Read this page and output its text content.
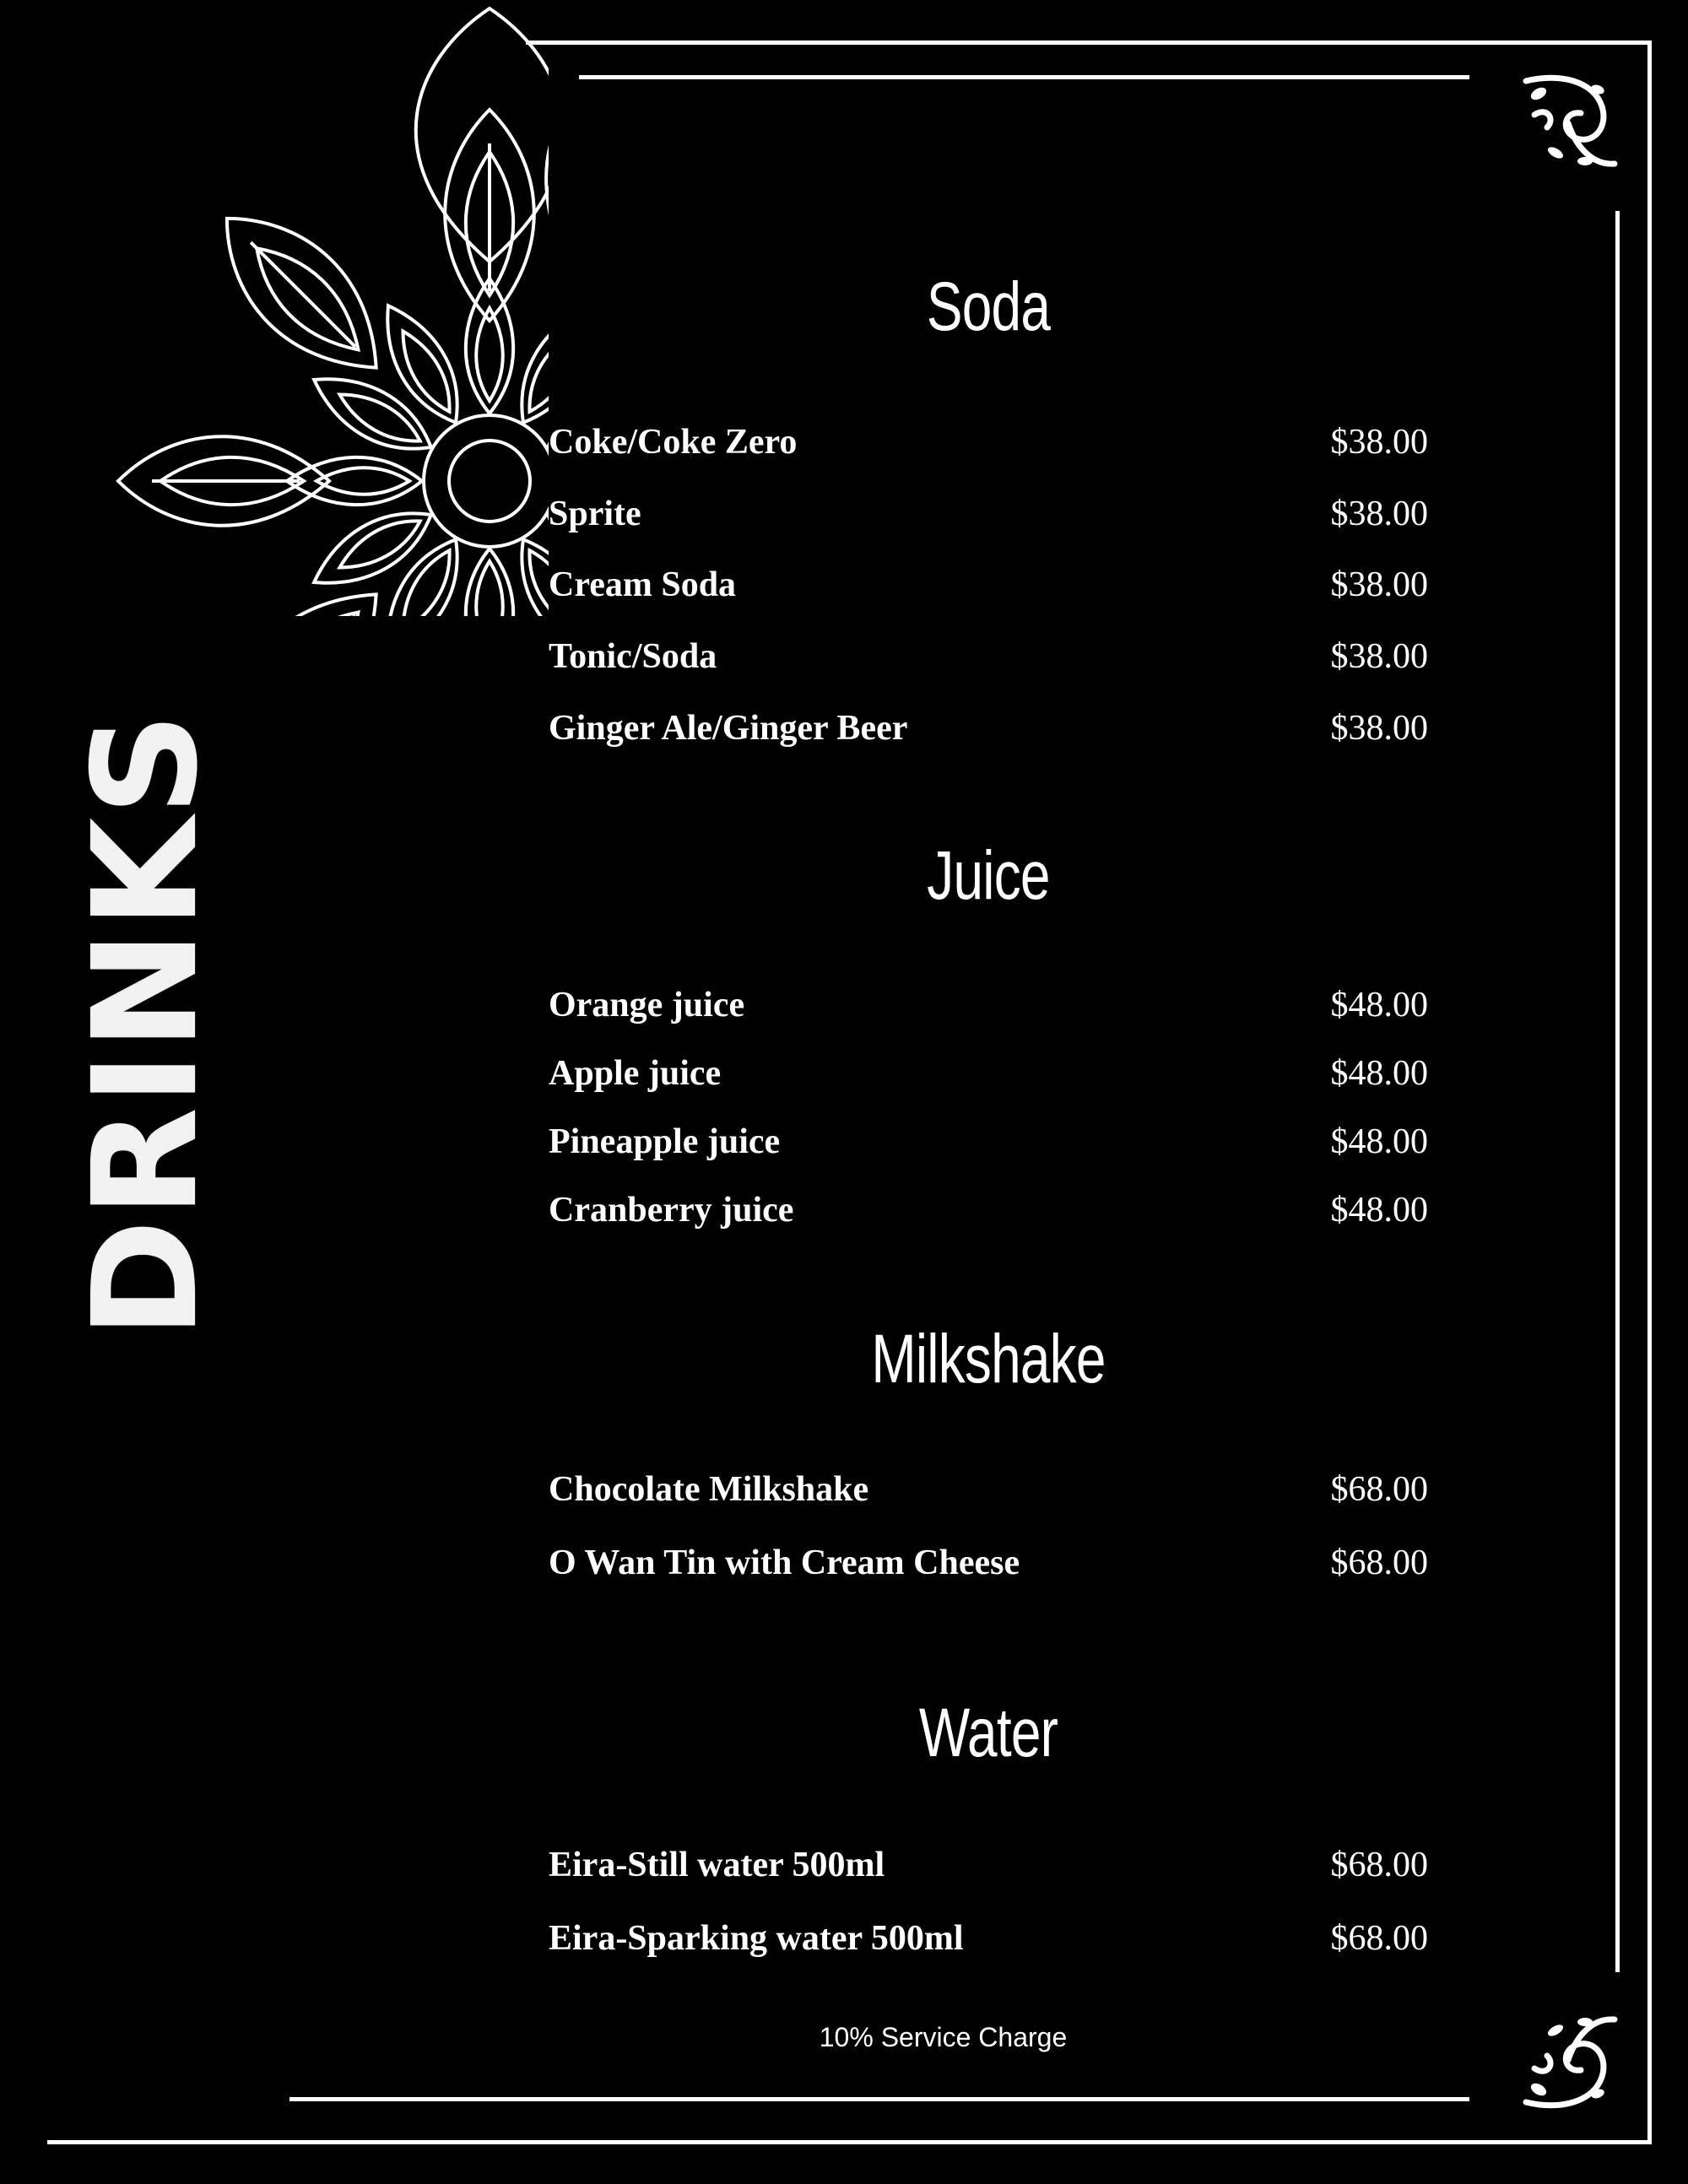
DRINKS
Soda
Coke/Coke Zero	$38.00
Sprite	$38.00
Cream Soda	$38.00
Tonic/Soda	$38.00
Ginger Ale/Ginger Beer	$38.00
Juice
Orange juice	$48.00
Apple juice	$48.00
Pineapple juice	$48.00
Cranberry juice	$48.00
Milkshake
Chocolate Milkshake	$68.00
O Wan Tin with Cream Cheese	$68.00
Water
Eira-Still water 500ml	$68.00
Eira-Sparking water 500ml	$68.00
10% Service Charge
